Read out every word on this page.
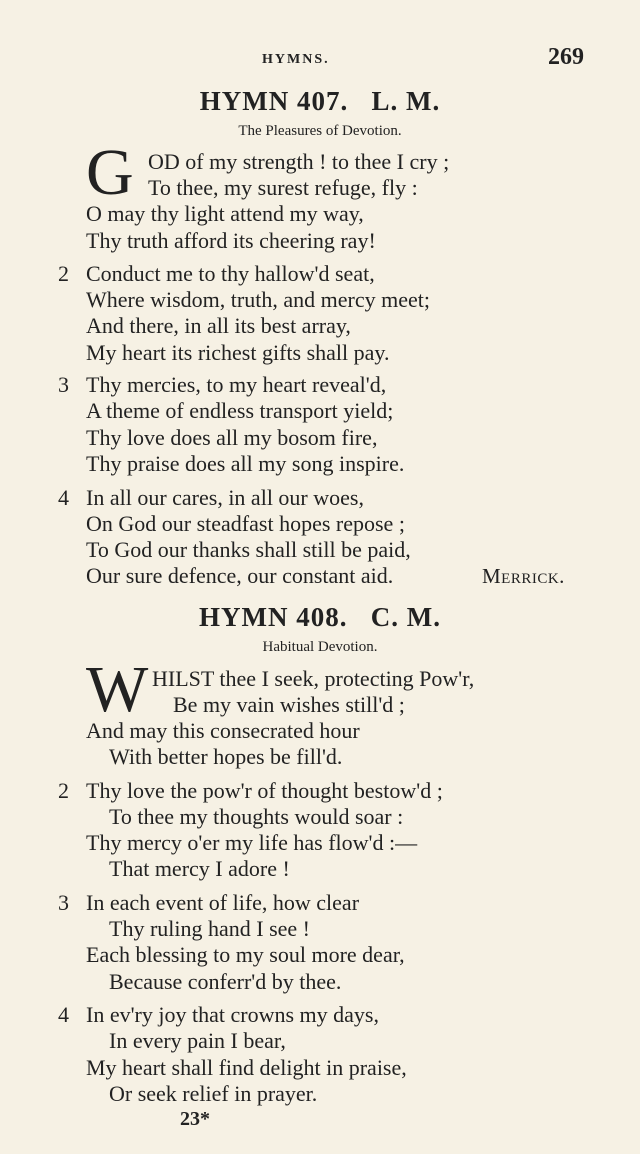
HYMNS.	269
HYMN 407.   L. M.
The Pleasures of Devotion.
G OD of my strength ! to thee I cry ;
To thee, my surest refuge, fly :
O may thy light attend my way,
Thy truth afford its cheering ray!
2 Conduct me to thy hallow'd seat,
Where wisdom, truth, and mercy meet;
And there, in all its best array,
My heart its richest gifts shall pay.
3 Thy mercies, to my heart reveal'd,
A theme of endless transport yield;
Thy love does all my bosom fire,
Thy praise does all my song inspire.
4 In all our cares, in all our woes,
On God our steadfast hopes repose ;
To God our thanks shall still be paid,
Our sure defence, our constant aid.	Merrick.
HYMN 408.   C. M.
Habitual Devotion.
W HILST thee I seek, protecting Pow'r,
Be my vain wishes still'd ;
And may this consecrated hour
With better hopes be fill'd.
2 Thy love the pow'r of thought bestow'd ;
To thee my thoughts would soar :
Thy mercy o'er my life has flow'd :—
That mercy I adore !
3 In each event of life, how clear
Thy ruling hand I see !
Each blessing to my soul more dear,
Because conferr'd by thee.
4 In ev'ry joy that crowns my days,
In every pain I bear,
My heart shall find delight in praise,
Or seek relief in prayer.
23*
